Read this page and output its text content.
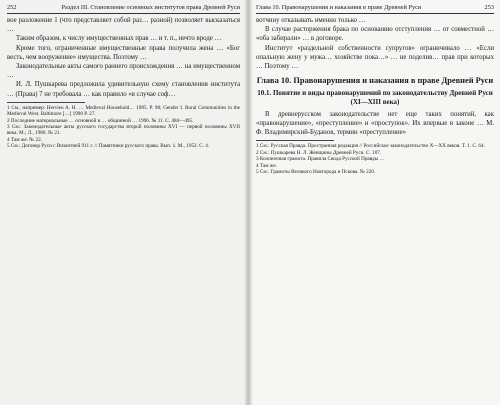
252	Раздел III. Становление основных институтов права Древней Руси

вое разложение 1 (что представляет собой раз… разной) позволяет высказаться …

Таким образом, к числу имущественных прав … и т. п., нечто вроде …

Кроме того, ограниченные имущественные права получила жена … «Бог весть, чем вооружение» имущества. Поэтому …

Законодательные акты самого раннего происхождения … на имущественном …

И. Л. Пушкарева предложила удивительную схему становления института … (Права) 7 не требовала … как правило «в случае соф…

1 См., например: Hervieu A. H. … Medieval Household… 1985. P. 98; Gender I. Rural Communities in the Medieval West. Baltimore […] 1990 P. 27.

2 Последние материальные … основной в … общинной … 1996. № 11. С. 484—495.

3 См.: Законодательные акты русского государства второй половины XVI — первой половины XVII века. М.; Л., 1986. № 21.

4 Там же. № 22.

5 См.: Договор Руси с Византией 911 г. // Памятники русского права. Вып. 1. М., 1952. С. 4.

Глава 10. Правонарушения и наказания в праве Древней Руси	253

вотчину отказывать именно только …

В случае расторжения брака по основанию отступления … от совместной … «оба забирали» … в договоре.

Институт «раздельной собственности супругов» ограничивало … «Если опальную жену у мужа… хозяйстве пока…» … не поделив… прав при которых … Поэтому …

Глава 10. Правонарушения и наказания в праве Древней Руси
10.1. Понятие и виды правонарушений по законодательству Древней Руси (XI—XIII века)

В древнерусском законодательстве нет еще таких понятий, как «правонарушение», «преступление» и «проступок». Их впервые в законе … М. Ф. Владимирский-Буданов, термин «преступление»

1 См.: Русская Правда. Пространная редакция // Российское законодательство X—XX веков. Т. 1. С. 64.

2 См.: Пушкарева Н. Л. Женщины Древней Руси. С. 107.

3 Колоночная грамота. Правила Свода Русской Правды …

4 Там же.

5 См.: Грамоты Великого Новгорода и Пскова. № 220.
